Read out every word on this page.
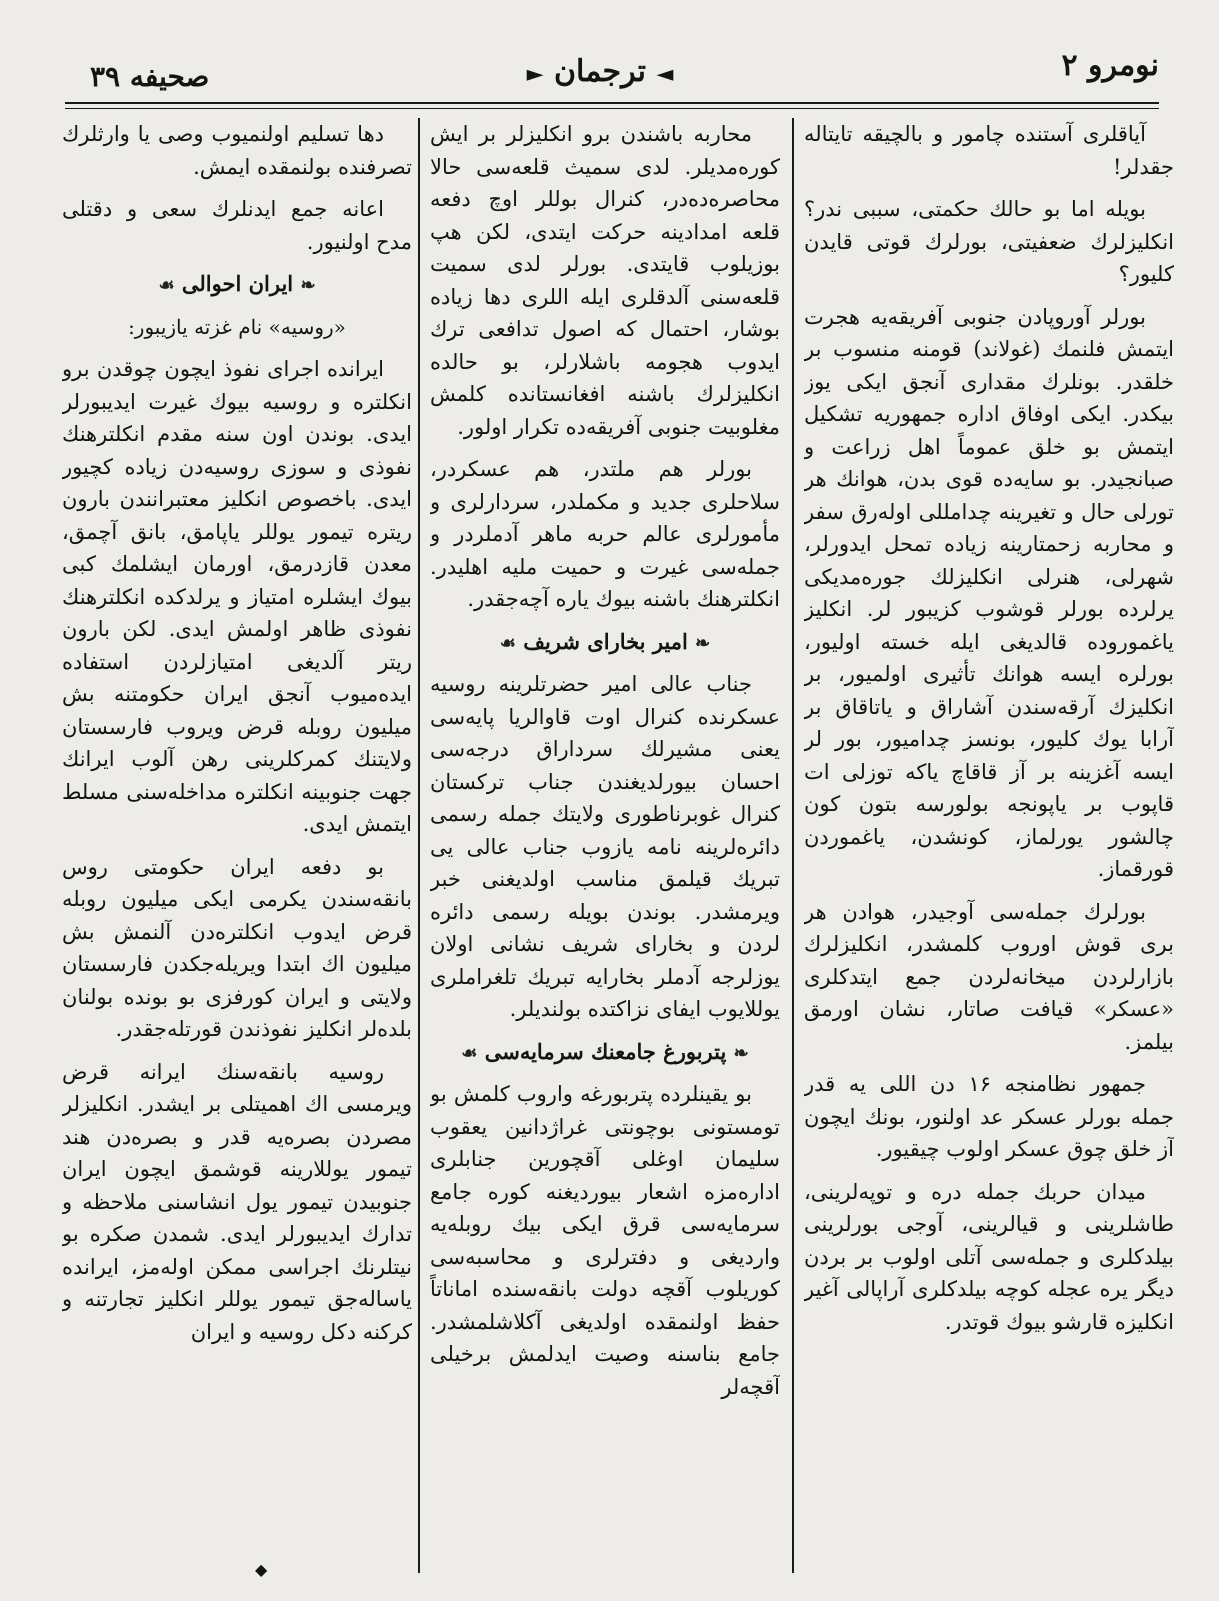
نومرو ۲
◄ ترجمان ►
صحیفه ۳۹

آیاقلری آستنده چامور و بالچیقه تایتاله جقدلر!

بویله اما بو حالك حکمتی، سببی ندر؟ انکلیزلرك ضعفیتی، بورلرك قوتی قایدن کلیور؟

بورلر آوروپادن جنوبی آفریقه‌یه هجرت ایتمش فلنمك (غولاند) قومنه منسوب بر خلقدر. بونلرك مقداری آنجق ایکی یوز بیکدر. ایکی اوفاق اداره جمهوریه تشکیل ایتمش بو خلق عموماً اهل زراعت و صبانجیدر. بو سایه‌ده قوی بدن، هوانك هر تورلی حال و تغیرینه چدامللی اوله‌رق سفر و محاربه زحمتارینه زیاده تمحل ایدورلر، شهرلی، هنرلی انکلیزلك جوره‌مدیکی یرلرده بورلر قوشوب کزیبور لر. انکلیز یاغموروده قالدیغی ایله خسته اولیور، بورلره ایسه هوانك تأثیری اولمیور، بر انکلیزك آرقه‌سندن آشاراق و یاتاقاق بر آرابا یوك کلیور، بونسز چدامیور، بور لر ایسه آغزینه بر آز قاقاچ یاکه توزلی ات قاپوب بر یاپونجه بولورسه بتون کون چالشور یورلماز، کونشدن، یاغموردن قورقماز.

بورلرك جمله‌سی آوجیدر، هوادن هر بری قوش اوروب کلمشدر، انکلیزلرك بازارلردن میخانه‌لردن جمع ایتدکلری «عسکر» قیافت صاتار، نشان اورمق بیلمز.

جمهور نظامنجه ۱۶ دن اللی یه قدر جمله بورلر عسکر عد اولنور، بونك ایچون آز خلق چوق عسکر اولوب چیقیور.

میدان حربك جمله دره و توپه‌لرینی، طاشلرینی و قیالرینی، آوجی بورلرینی بیلدکلری و جمله‌سی آتلی اولوب بر بردن دیگر یره عجله کوچه بیلدکلری آراپالی آغیر انکلیزه قارشو بیوك قوتدر.

محاربه باشندن برو انکلیزلر بر ایش کوره‌مدیلر. لدی سمیث قلعه‌سی حالا محاصره‌ده‌در، کنرال بوللر اوچ دفعه قلعه امدادینه حرکت ایتدی، لکن هپ بوزیلوب قایتدی. بورلر لدی سمیت قلعه‌سنی آلدقلری ایله اللری دها زیاده بوشار، احتمال که اصول تدافعی ترك ایدوب هجومه باشلارلر، بو حالده انکلیزلرك باشنه افغانستانده کلمش مغلوبیت جنوبی آفریقه‌ده تکرار اولور.

بورلر هم ملتدر، هم عسکردر، سلاحلری جدید و مکملدر، سردارلری و مأمورلری عالم حربه ماهر آدملردر و جمله‌سی غیرت و حمیت ملیه اهلیدر. انکلترهنك باشنه بیوك یاره آچه‌جقدر.

❧ امیر بخارای شریف ☙

جناب عالی امیر حضرتلرینه روسیه عسکرنده کنرال اوت قاوالریا پایه‌سی یعنی مشیرلك سرداراق درجه‌سی احسان بیورلدیغندن جناب ترکستان کنرال غوبرناطوری ولایتك جمله رسمی دائره‌لرینه نامه یازوب جناب عالی یی تبریك قیلمق مناسب اولدیغنی خبر ویرمشدر. بوندن بویله رسمی دائره لردن و بخارای شریف نشانی اولان یوزلرجه آدملر بخارایه تبریك تلغراملری یوللایوب ایفای نزاکتده بولندیلر.

❧ پتربورغ جامعنك سرمایه‌سی ☙

بو یقینلرده پتربورغه واروب کلمش بو تومستونی بوچونتی غراژدانین یعقوب سلیمان اوغلی آقچورین جنابلری اداره‌مزه اشعار بیوردیغنه کوره جامع سرمایه‌سی قرق ایکی بیك روبله‌یه واردیغی و دفترلری و محاسبه‌سی کوریلوب آقچه دولت بانقه‌سنده اماناتاً حفظ اولنمقده اولدیغی آکلاشلمشدر. جامع بناسنه وصیت ایدلمش برخیلی آقچه‌لر

دها تسلیم اولنمیوب وصی یا وارثلرك تصرفنده بولنمقده ایمش.

اعانه جمع ایدنلرك سعی و دقتلی مدح اولنیور.

❧ ایران احوالی ☙
«روسیه» نام غزته یازیبور:

ایرانده اجرای نفوذ ایچون چوقدن برو انکلتره و روسیه بیوك غیرت ایدیبورلر ایدی. بوندن اون سنه مقدم انکلترهنك نفوذی و سوزی روسیه‌دن زیاده کچیور ایدی. باخصوص انکلیز معتبرانندن بارون ریتره تیمور یوللر یاپامق، بانق آچمق، معدن قازدرمق، اورمان ایشلمك کبی بیوك ایشلره امتیاز و یرلدکده انکلترهنك نفوذی ظاهر اولمش ایدی. لکن بارون ریتر آلدیغی امتیازلردن استفاده ایده‌میوب آنجق ایران حکومتنه بش میلیون روبله قرض ویروب فارسستان ولایتنك کمرکلرینی رهن آلوب ایرانك جهت جنوبینه انکلتره مداخله‌سنی مسلط ایتمش ایدی.

بو دفعه ایران حکومتی روس بانقه‌سندن یکرمی ایکی میلیون روبله قرض ایدوب انکلتره‌دن آلنمش بش میلیون اك ابتدا ویریله‌جکدن فارسستان ولایتی و ایران کورفزی بو بونده بولنان بلده‌لر انکلیز نفوذندن قورتله‌جقدر.

روسیه بانقه‌سنك ایرانه قرض ویرمسی اك اهمیتلی بر ایشدر. انکلیزلر مصردن بصره‌یه قدر و بصره‌دن هند تیمور یوللارینه قوشمق ایچون ایران جنوبیدن تیمور یول انشاسنی ملاحظه و تدارك ایدیبورلر ایدی. شمدن صکره بو نیتلرنك اجراسی ممکن اوله‌مز، ایرانده یاساله‌جق تیمور یوللر انکلیز تجارتنه و کرکنه دکل روسیه و ایران

◆
